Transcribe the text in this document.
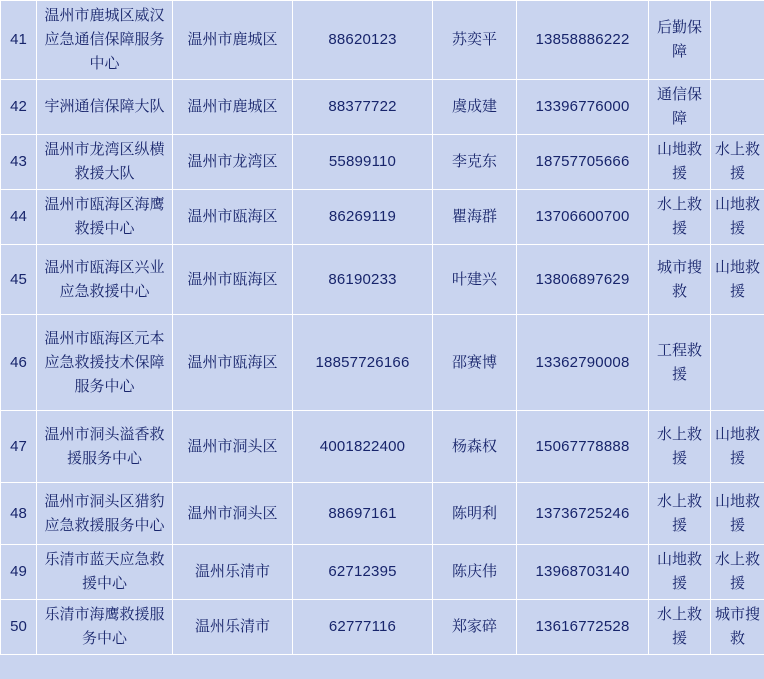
41	温州市鹿城区威汉应急通信保障服务中心	温州市鹿城区	88620123	苏奕平	13858886222	后勤保障	
42	宇洲通信保障大队	温州市鹿城区	88377722	虞成建	13396776000	通信保障	
43	温州市龙湾区纵横救援大队	温州市龙湾区	55899110	李克东	18757705666	山地救援	水上救援
44	温州市瓯海区海鹰救援中心	温州市瓯海区	86269119	瞿海群	13706600700	水上救援	山地救援
45	温州市瓯海区兴业应急救援中心	温州市瓯海区	86190233	叶建兴	13806897629	城市搜救	山地救援
46	温州市瓯海区元本应急救援技术保障服务中心	温州市瓯海区	18857726166	邵赛博	13362790008	工程救援	
47	温州市洞头溢香救援服务中心	温州市洞头区	4001822400	杨森权	15067778888	水上救援	山地救援
48	温州市洞头区猎豹应急救援服务中心	温州市洞头区	88697161	陈明利	13736725246	水上救援	山地救援
49	乐清市蓝天应急救援中心	温州乐清市	62712395	陈庆伟	13968703140	山地救援	水上救援
50	乐清市海鹰救援服务中心	温州乐清市	62777116	郑家碎	13616772528	水上救援	城市搜救
